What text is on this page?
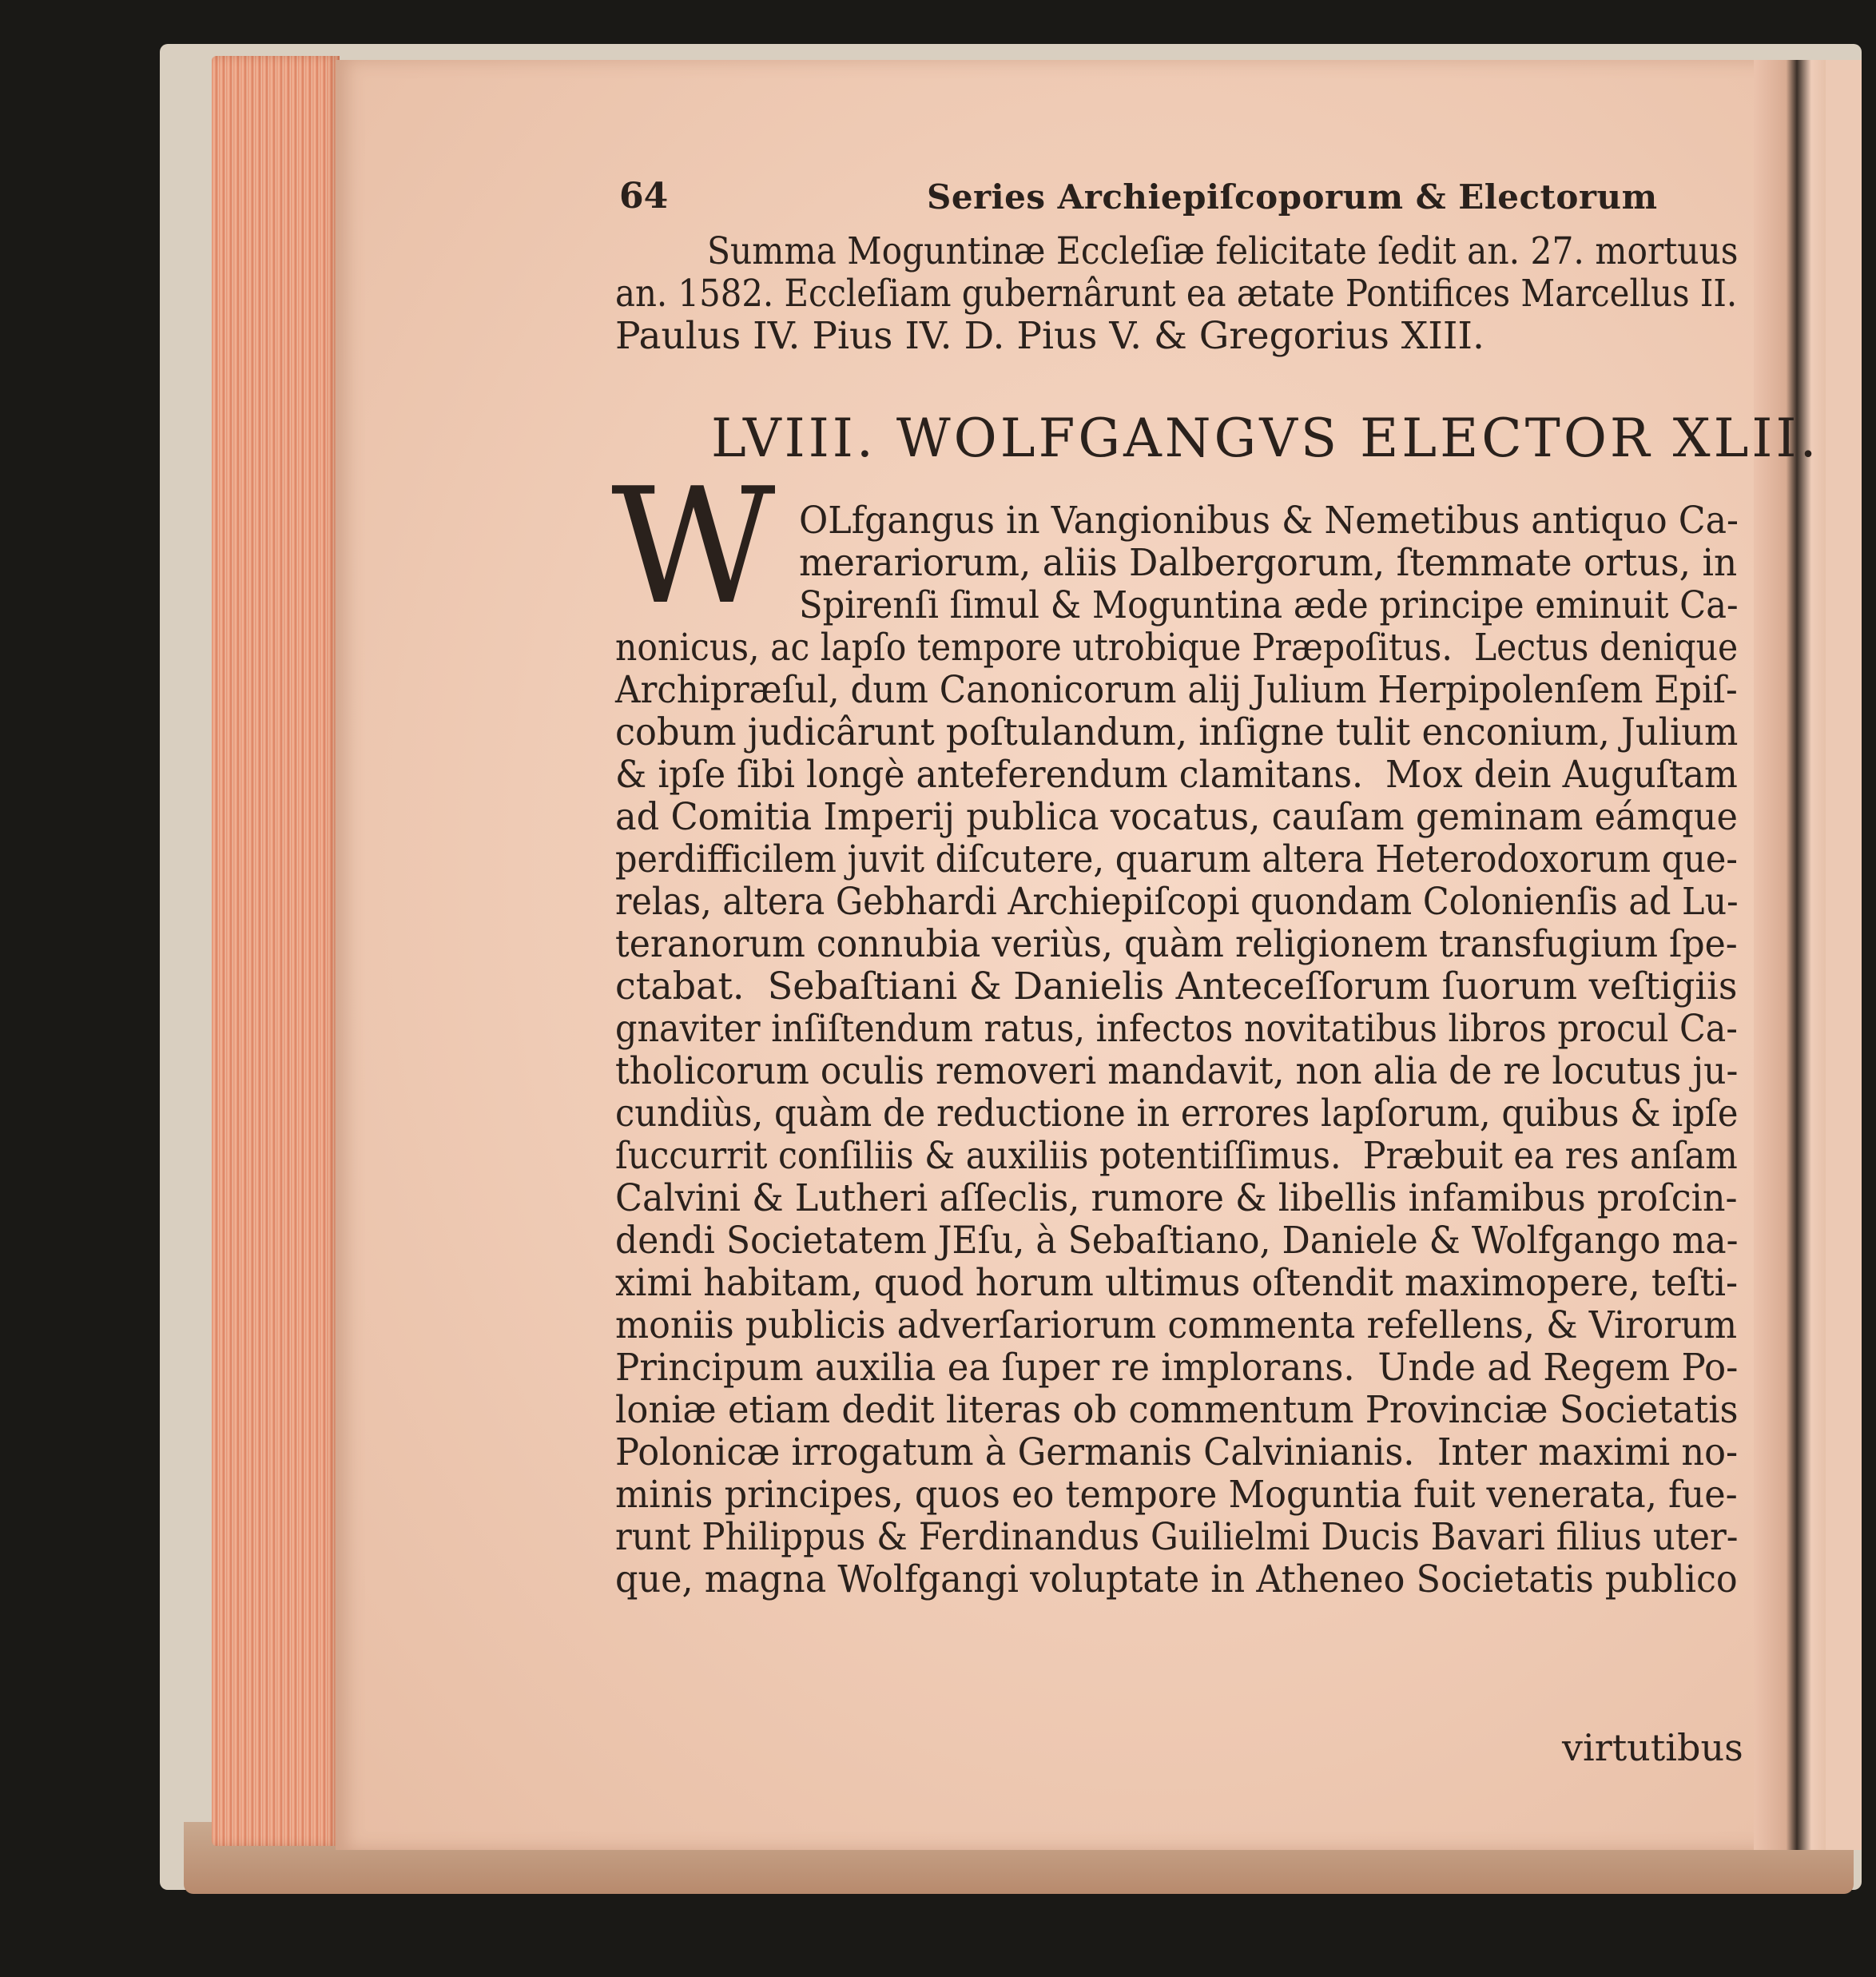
64	Series Archiepiſcoporum & Electorum
Summa Moguntinæ Eccleſiæ felicitate ſedit an. 27. mortuus
an. 1582. Eccleſiam gubernârunt ea ætate Pontifices Marcellus II.
Paulus IV. Pius IV. D. Pius V. & Gregorius XIII.
LVIII. WOLFGANGVS ELECTOR XLII.
W OLfgangus in Vangionibus & Nemetibus antiquo Ca-
merariorum, aliis Dalbergorum, ſtemmate ortus, in
Spirenſi ſimul & Moguntina æde principe eminuit Ca-
nonicus, ac lapſo tempore utrobique Præpoſitus.  Lectus denique
Archipræſul, dum Canonicorum alij Julium Herpipolenſem Epiſ-
cobum judicârunt poſtulandum, inſigne tulit enconium, Julium
& ipſe ſibi longè anteferendum clamitans.  Mox dein Auguſtam
ad Comitia Imperij publica vocatus, cauſam geminam eámque
perdifficilem juvit diſcutere, quarum altera Heterodoxorum que-
relas, altera Gebhardi Archiepiſcopi quondam Colonienſis ad Lu-
teranorum connubia veriùs, quàm religionem transfugium ſpe-
ctabat.  Sebaſtiani & Danielis Anteceſſorum ſuorum veſtigiis
gnaviter inſiſtendum ratus, infectos novitatibus libros procul Ca-
tholicorum oculis removeri mandavit, non alia de re locutus ju-
cundiùs, quàm de reductione in errores lapſorum, quibus & ipſe
ſuccurrit conſiliis & auxiliis potentiſſimus.  Præbuit ea res anſam
Calvini & Lutheri aſſeclis, rumore & libellis infamibus proſcin-
dendi Societatem JEſu, à Sebaſtiano, Daniele & Wolfgango ma-
ximi habitam, quod horum ultimus oſtendit maximopere, teſti-
moniis publicis adverſariorum commenta refellens, & Virorum
Principum auxilia ea ſuper re implorans.  Unde ad Regem Po-
loniæ etiam dedit literas ob commentum Provinciæ Societatis
Polonicæ irrogatum à Germanis Calvinianis.  Inter maximi no-
minis principes, quos eo tempore Moguntia fuit venerata, fue-
runt Philippus & Ferdinandus Guilielmi Ducis Bavari filius uter-
que, magna Wolfgangi voluptate in Atheneo Societatis publico
virtutibus
